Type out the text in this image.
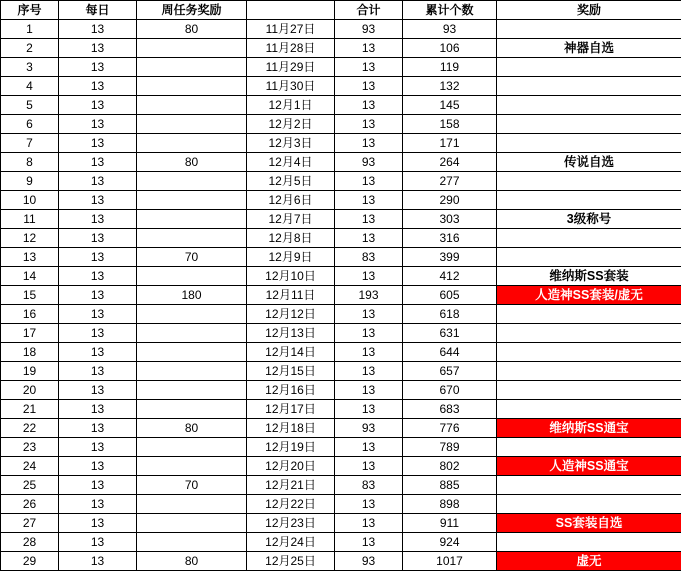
序号	每日	周任务奖励		合计	累计个数	奖励
1	13	80	11月27日	93	93	
2	13		11月28日	13	106	神器自选
3	13		11月29日	13	119	
4	13		11月30日	13	132	
5	13		12月1日	13	145	
6	13		12月2日	13	158	
7	13		12月3日	13	171	
8	13	80	12月4日	93	264	传说自选
9	13		12月5日	13	277	
10	13		12月6日	13	290	
11	13		12月7日	13	303	3级称号
12	13		12月8日	13	316	
13	13	70	12月9日	83	399	
14	13		12月10日	13	412	维纳斯SS套装
15	13	180	12月11日	193	605	人造神SS套装/虚无
16	13		12月12日	13	618	
17	13		12月13日	13	631	
18	13		12月14日	13	644	
19	13		12月15日	13	657	
20	13		12月16日	13	670	
21	13		12月17日	13	683	
22	13	80	12月18日	93	776	维纳斯SS通宝
23	13		12月19日	13	789	
24	13		12月20日	13	802	人造神SS通宝
25	13	70	12月21日	83	885	
26	13		12月22日	13	898	
27	13		12月23日	13	911	SS套装自选
28	13		12月24日	13	924	
29	13	80	12月25日	93	1017	虚无
